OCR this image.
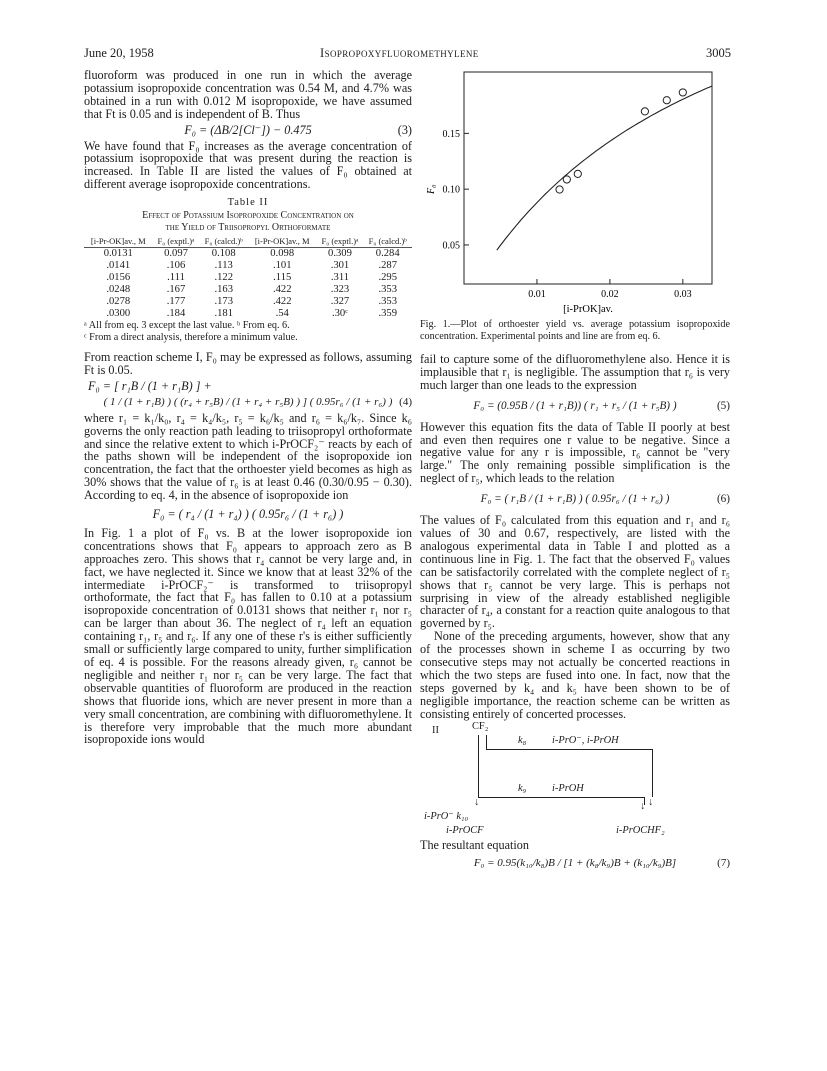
June 20, 1958	Isopropoxyfluoromethylene	3005

fluoroform was produced in one run in which the average potassium isopropoxide concentration was 0.54 M, and 4.7% was obtained in a run with 0.012 M isopropoxide, we have assumed that Ft is 0.05 and is independent of B. Thus

F₀ = (ΔB/2[Cl⁻]) − 0.475	(3)

We have found that F₀ increases as the average concentration of potassium isopropoxide that was present during the reaction is increased. In Table II are listed the values of F₀ obtained at different average isopropoxide concentrations.

Table II
Effect of Potassium Isopropoxide Concentration on
the Yield of Triisopropyl Orthoformate
[i-Pr-OK]av., M	F₀ (exptl.)ᵃ	F₀ (calcd.)ᵇ	[i-Pr-OK]av., M	F₀ (exptl.)ᵃ	F₀ (calcd.)ᵇ
0.0131	0.097	0.108	0.098	0.309	0.284
.0141	.106	.113	.101	.301	.287
.0156	.111	.122	.115	.311	.295
.0248	.167	.163	.422	.323	.353
.0278	.177	.173	.422	.327	.353
.0300	.184	.181	.54	.30ᶜ	.359
ᵃ All from eq. 3 except the last value. ᵇ From eq. 6.
ᶜ From a direct analysis, therefore a minimum value.

From reaction scheme I, F₀ may be expressed as follows, assuming Ft is 0.05.

F₀ = [ r₁B / (1 + r₁B) ] +
( 1 / (1 + r₁B) ) ( (r₄ + r₅B) / (1 + r₄ + r₅B) ) ] ( 0.95r₆ / (1 + r₆) ) (4)

where r₁ = k₁/k₀, r₄ = k₄/k₅, r₅ = k₆/k₅ and r₆ = k₆/k₇. Since k₆ governs the only reaction path leading to triisopropyl orthoformate and since the relative extent to which i-PrOCF₂⁻ reacts by each of the paths shown will be independent of the isopropoxide ion concentration, the fact that the orthoester yield becomes as high as 30% shows that the value of r₆ is at least 0.46 (0.30/0.95 − 0.30). According to eq. 4, in the absence of isopropoxide ion

F₀ = ( r₄ / (1 + r₄) ) ( 0.95r₆ / (1 + r₆) )

In Fig. 1 a plot of F₀ vs. B at the lower isopropoxide ion concentrations shows that F₀ appears to approach zero as B approaches zero. This shows that r₄ cannot be very large and, in fact, we have neglected it. Since we know that at least 32% of the intermediate i-PrOCF₂⁻ is transformed to triisopropyl orthoformate, the fact that F₀ has fallen to 0.10 at a potassium isopropoxide concentration of 0.0131 shows that neither r₁ nor r₅ can be larger than about 36. The neglect of r₄ left an equation containing r₁, r₅ and r₆. If any one of these r's is either sufficiently small or sufficiently large compared to unity, further simplification of eq. 4 is possible. For the reasons already given, r₆ cannot be negligible and neither r₁ nor r₅ can be very large. The fact that observable quantities of fluoroform are produced in the reaction shows that fluoride ions, which are never present in more than a very small concentration, are combining with difluoromethylene. It is therefore very improbable that the much more abundant isopropoxide ions would

0.05
0.10
0.15
0.01	0.02	0.03
F₀
[i-PrOK]av.

Fig. 1.—Plot of orthoester yield vs. average potassium isopropoxide concentration. Experimental points and line are from eq. 6.

fail to capture some of the difluoromethylene also. Hence it is implausible that r₁ is negligible. The assumption that r₆ is very much larger than one leads to the expression

F₀ = (0.95B / (1 + r₁B)) ( r₁ + r₅ / (1 + r₅B) )	(5)

However this equation fits the data of Table II poorly at best and even then requires one r value to be negative. Since a negative value for any r is impossible, r₆ cannot be "very large." The only remaining possible simplification is the neglect of r₅, which leads to the relation

F₀ = ( r₁B / (1 + r₁B) ) ( 0.95r₆ / (1 + r₆) )	(6)

The values of F₀ calculated from this equation and r₁ and r₆ values of 30 and 0.67, respectively, are listed with the analogous experimental data in Table I and plotted as a continuous line in Fig. 1. The fact that the observed F₀ values can be satisfactorily correlated with the complete neglect of r₅ shows that r₅ cannot be very large. This is perhaps not surprising in view of the already established negligible character of r₄, a constant for a reaction quite analogous to that governed by r₅.

None of the preceding arguments, however, show that any of the processes shown in scheme I as occurring by two consecutive steps may not actually be concerted reactions in which the two steps are fused into one. In fact, now that the steps governed by k₄ and k₅ have been shown to be of negligible importance, the reaction scheme can be written as consisting entirely of concerted processes.

II	CF₂
k₈ i-PrO⁻, i-PrOH
k₉ i-PrOH
↓ ↓
↓
i-PrO⁻ k₁₀
i-PrOCF	i-PrOCHF₂

The resultant equation

F₀ = 0.95(k₁₀/k₈)B / [1 + (k₈/k₉)B + (k₁₀/k₉)B]	(7)
